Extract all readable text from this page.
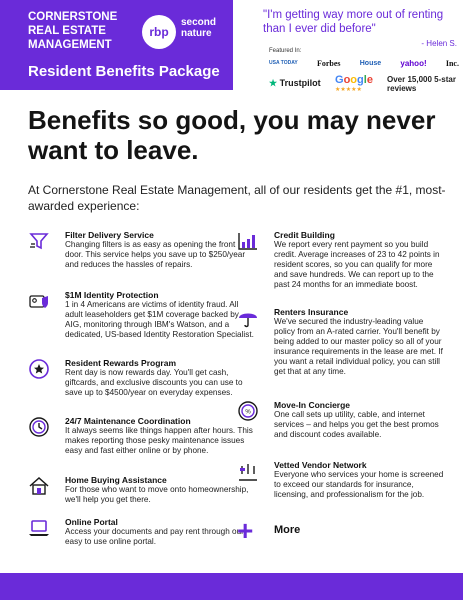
CORNERSTONE REAL ESTATE MANAGEMENT
rbp
second nature
Resident Benefits Package
"I'm getting way more out of renting than I ever did before"
- Helen S.
Featured In:
USA TODAY Forbes	House yahoo! Inc.
★ Trustpilot Google
★★★★★
Over 15,000 5-star reviews
Benefits so good, you may never want to leave.
At Cornerstone Real Estate Management, all of our residents get the #1, most-awarded experience:
Filter Delivery Service
Changing filters is as easy as opening the front door. This service helps you save up to $250/year and reduces the hassles of repairs.
$1M Identity Protection
1 in 4 Americans are victims of identity fraud. All adult leaseholders get $1M coverage backed by AIG, monitoring through IBM's Watson, and a dedicated, US-based Identity Restoration Specialist.
Resident Rewards Program
Rent day is now rewards day. You'll get cash, giftcards, and exclusive discounts you can use to save up to $4500/year on everyday expenses.
24/7 Maintenance Coordination
It always seems like things happen after hours. This makes reporting those pesky maintenance issues easy and fast either online or by phone.
Home Buying Assistance
For those who want to move onto homeownership, we'll help you get there.
Online Portal
Access your documents and pay rent through our easy to use online portal.
Credit Building
We report every rent payment so you build credit. Average increases of 23 to 42 points in resident scores, so you can qualify for more and save hundreds. We can report up to the past 24 months for an immediate boost.
Renters Insurance
We've secured the industry-leading value policy from an A-rated carrier. You'll benefit by being added to our master policy so all of your insurance requirements in the lease are met. If you want a retail individual policy, you can still get that at any time.
%
Move-In Concierge
One call sets up utility, cable, and internet services – and helps you get the best promos and discount codes available.
Vetted Vendor Network
Everyone who services your home is screened to exceed our standards for insurance, licensing, and professionalism for the job.
+ More
